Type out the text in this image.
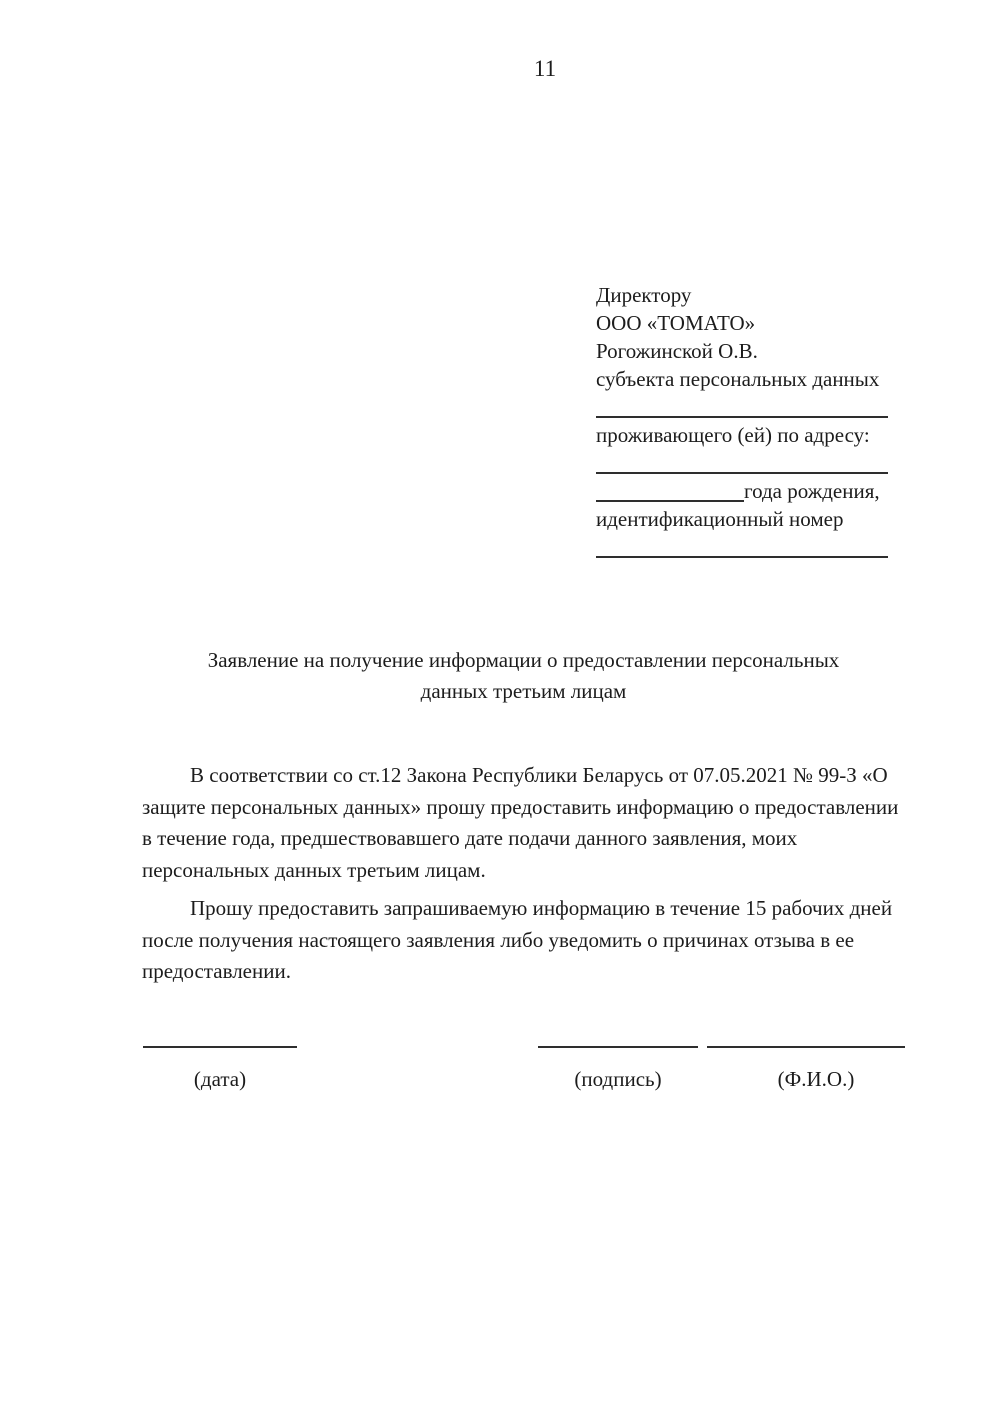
11
Директору
ООО «ТОМАТО»
Рогожинской О.В.
субъекта персональных данных
проживающего (ей) по адресу:
года рождения,
идентификационный номер
Заявление на получение информации о предоставлении персональных данных третьим лицам
В соответствии со ст.12 Закона Республики Беларусь от 07.05.2021 № 99-З «О защите персональных данных» прошу предоставить информацию о предоставлении в течение года, предшествовавшего дате подачи данного заявления, моих персональных данных третьим лицам.
Прошу предоставить запрашиваемую информацию в течение 15 рабочих дней после получения настоящего заявления либо уведомить о причинах отзыва в ее предоставлении.
(дата)	(подпись)	(Ф.И.О.)
